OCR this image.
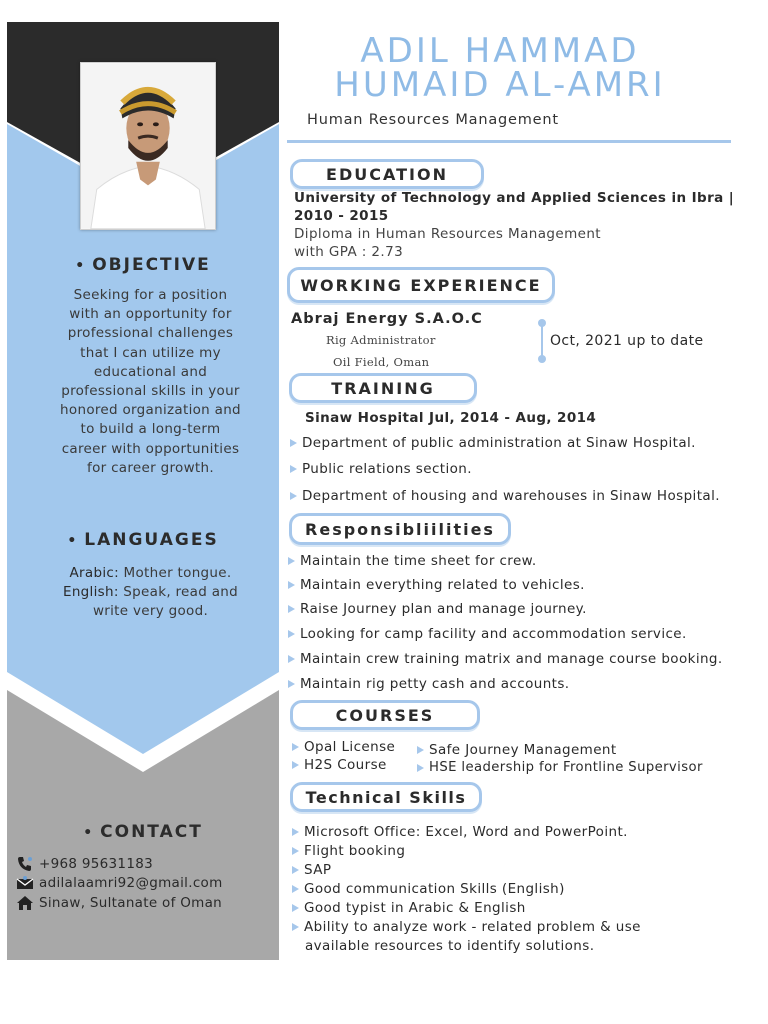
• OBJECTIVE
Seeking for a position
with an opportunity for
professional challenges
that I can utilize my
educational and
professional skills in your
honored organization and
to build a long-term
career with opportunities
for career growth.
• LANGUAGES
Arabic: Mother tongue.
English: Speak, read and
write very good.
• CONTACT
+968 95631183
adilalaamri92@gmail.com
Sinaw, Sultanate of Oman
ADIL HAMMAD
HUMAID AL-AMRI
Human Resources Management
EDUCATION
University of Technology and Applied Sciences in Ibra |
2010 - 2015
Diploma in Human Resources Management
with GPA : 2.73
WORKING EXPERIENCE
Abraj Energy S.A.O.C
Rig Administrator
Oil Field, Oman
Oct, 2021 up to date
TRAINING
Sinaw Hospital Jul, 2014 - Aug, 2014
Department of public administration at Sinaw Hospital.
Public relations section.
Department of housing and warehouses in Sinaw Hospital.
Responsibliilities
Maintain the time sheet for crew.
Maintain everything related to vehicles.
Raise Journey plan and manage journey.
Looking for camp facility and accommodation service.
Maintain crew training matrix and manage course booking.
Maintain rig petty cash and accounts.
COURSES
Opal License
H2S Course
Safe Journey Management
HSE leadership for Frontline Supervisor
Technical Skills
Microsoft Office: Excel, Word and PowerPoint.
Flight booking
SAP
Good communication Skills (English)
Good typist in Arabic & English
Ability to analyze work - related problem & use
available resources to identify solutions.
